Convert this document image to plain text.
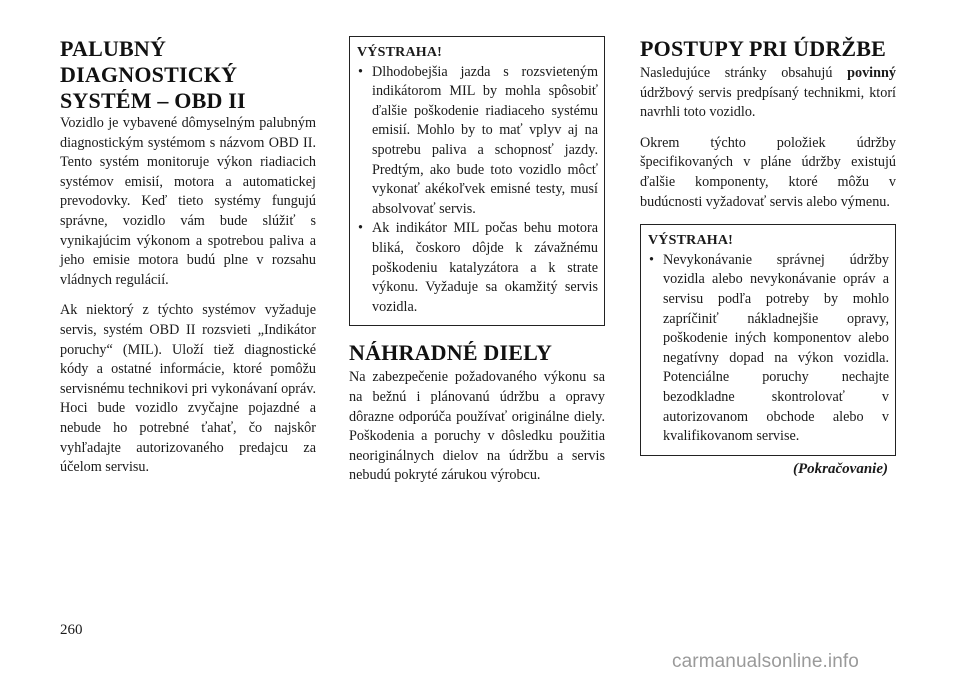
PALUBNÝ
DIAGNOSTICKÝ
SYSTÉM – OBD II

Vozidlo je vybavené dômyselným palubným diagnostickým systémom s názvom OBD II. Tento systém monitoruje výkon riadiacich systémov emisií, motora a automatickej prevodovky. Keď tieto systémy fungujú správne, vozidlo vám bude slúžiť s vynikajúcim výkonom a spotrebou paliva a jeho emisie motora budú plne v rozsahu vládnych regulácií.

Ak niektorý z týchto systémov vyžaduje servis, systém OBD II rozsvieti „Indikátor poruchy“ (MIL). Uloží tiež diagnostické kódy a ostatné informácie, ktoré pomôžu servisnému technikovi pri vykonávaní opráv. Hoci bude vozidlo zvyčajne pojazdné a nebude ho potrebné ťahať, čo najskôr vyhľadajte autorizovaného predajcu za účelom servisu.

VÝSTRAHA!
• Dlhodobejšia jazda s rozsvieteným indikátorom MIL by mohla spôsobiť ďalšie poškodenie riadiaceho systému emisií. Mohlo by to mať vplyv aj na spotrebu paliva a schopnosť jazdy. Predtým, ako bude toto vozidlo môcť vykonať akékoľvek emisné testy, musí absolvovať servis.
• Ak indikátor MIL počas behu motora bliká, čoskoro dôjde k závažnému poškodeniu katalyzátora a k strate výkonu. Vyžaduje sa okamžitý servis vozidla.
NÁHRADNÉ DIELY

Na zabezpečenie požadovaného výkonu sa na bežnú i plánovanú údržbu a opravy dôrazne odporúča používať originálne diely. Poškodenia a poruchy v dôsledku použitia neoriginálnych dielov na údržbu a servis nebudú pokryté zárukou výrobcu.

POSTUPY PRI ÚDRŽBE

Nasledujúce stránky obsahujú povinný údržbový servis predpísaný technikmi, ktorí navrhli toto vozidlo.

Okrem týchto položiek údržby špecifikovaných v pláne údržby existujú ďalšie komponenty, ktoré môžu v budúcnosti vyžadovať servis alebo výmenu.

VÝSTRAHA!
• Nevykonávanie správnej údržby vozidla alebo nevykonávanie opráv a servisu podľa potreby by mohlo zapríčiniť nákladnejšie opravy, poškodenie iných komponentov alebo negatívny dopad na výkon vozidla. Potenciálne poruchy nechajte bezodkladne skontrolovať v autorizovanom obchode alebo v kvalifikovanom servise.
(Pokračovanie)
260
carmanualsonline.info
